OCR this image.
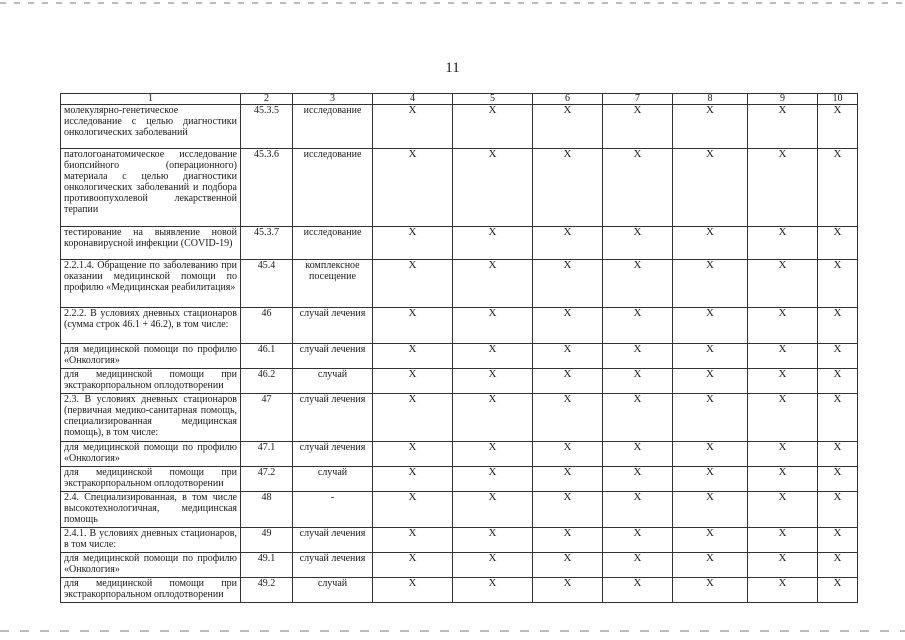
11
1	2	3	4	5	6	7	8	9	10
молекулярно-генетическое исследование с целью диагностики онкологических заболеваний	45.3.5	исследование	X	X	X	X	X	X	X
патологоанатомическое исследование биопсийного (операционного) материала с целью диагностики онкологических заболеваний и подбора противоопухолевой лекарственной терапии	45.3.6	исследование	X	X	X	X	X	X	X
тестирование на выявление новой коронавирусной инфекции (COVID-19)	45.3.7	исследование	X	X	X	X	X	X	X
2.2.1.4. Обращение по заболеванию при оказании медицинской помощи по профилю «Медицинская реабилитация»	45.4	комплексное посещение	X	X	X	X	X	X	X
2.2.2. В условиях дневных стационаров (сумма строк 46.1 + 46.2), в том числе:	46	случай лечения	X	X	X	X	X	X	X
для медицинской помощи по профилю «Онкология»	46.1	случай лечения	X	X	X	X	X	X	X
для медицинской помощи при экстракорпоральном оплодотворении	46.2	случай	X	X	X	X	X	X	X
2.3. В условиях дневных стационаров (первичная медико-санитарная помощь, специализированная медицинская помощь), в том числе:	47	случай лечения	X	X	X	X	X	X	X
для медицинской помощи по профилю «Онкология»	47.1	случай лечения	X	X	X	X	X	X	X
для медицинской помощи при экстракорпоральном оплодотворении	47.2	случай	X	X	X	X	X	X	X
2.4. Специализированная, в том числе высокотехнологичная, медицинская помощь	48	-	X	X	X	X	X	X	X
2.4.1. В условиях дневных стационаров, в том числе:	49	случай лечения	X	X	X	X	X	X	X
для медицинской помощи по профилю «Онкология»	49.1	случай лечения	X	X	X	X	X	X	X
для медицинской помощи при экстракорпоральном оплодотворении	49.2	случай	X	X	X	X	X	X	X
